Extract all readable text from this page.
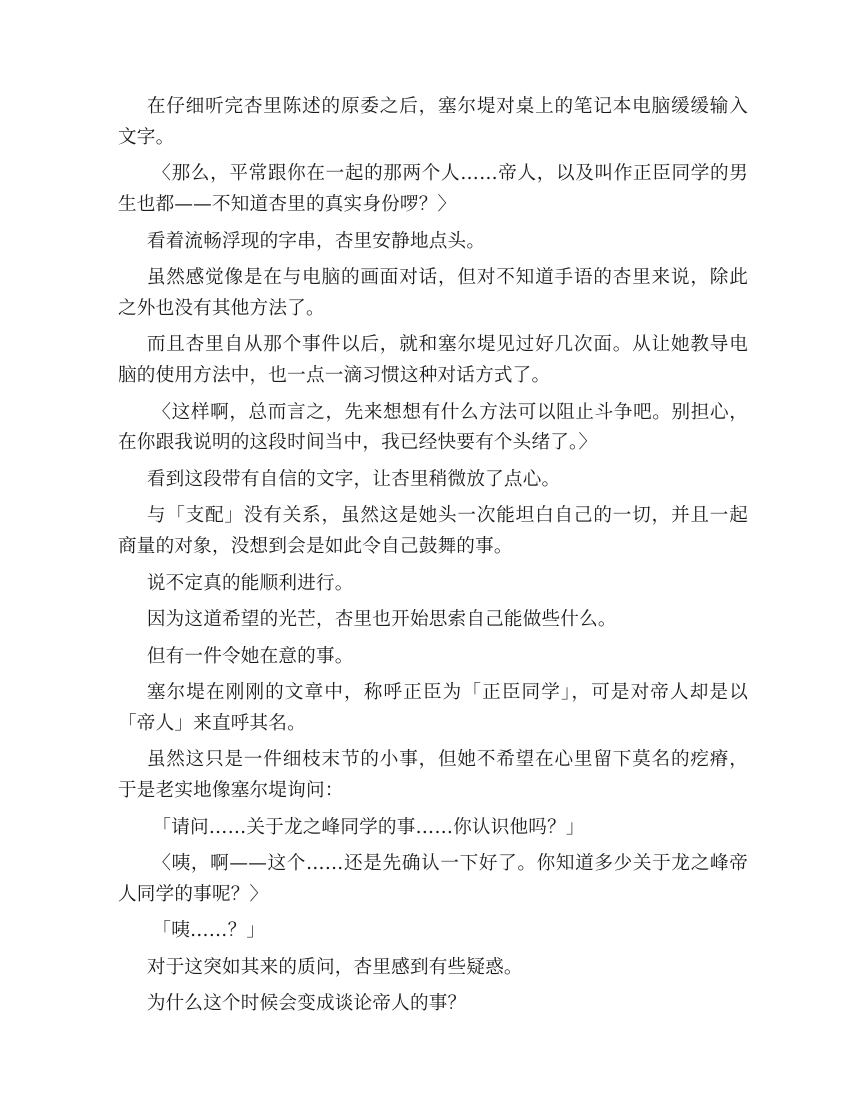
在仔细听完杏里陈述的原委之后，塞尔堤对桌上的笔记本电脑缓缓输入文字。

〈那么，平常跟你在一起的那两个人……帝人，以及叫作正臣同学的男生也都——不知道杏里的真实身份啰？〉

看着流畅浮现的字串，杏里安静地点头。

虽然感觉像是在与电脑的画面对话，但对不知道手语的杏里来说，除此之外也没有其他方法了。

而且杏里自从那个事件以后，就和塞尔堤见过好几次面。从让她教导电脑的使用方法中，也一点一滴习惯这种对话方式了。

〈这样啊，总而言之，先来想想有什么方法可以阻止斗争吧。别担心，在你跟我说明的这段时间当中，我已经快要有个头绪了。〉

看到这段带有自信的文字，让杏里稍微放了点心。

与「支配」没有关系，虽然这是她头一次能坦白自己的一切，并且一起商量的对象，没想到会是如此令自己鼓舞的事。

说不定真的能顺利进行。

因为这道希望的光芒，杏里也开始思索自己能做些什么。

但有一件令她在意的事。

塞尔堤在刚刚的文章中，称呼正臣为「正臣同学」，可是对帝人却是以「帝人」来直呼其名。

虽然这只是一件细枝末节的小事，但她不希望在心里留下莫名的疙瘠，于是老实地像塞尔堤询问：

「请问……关于龙之峰同学的事……你认识他吗？」

〈咦，啊——这个……还是先确认一下好了。你知道多少关于龙之峰帝人同学的事呢？〉

「咦……？」

对于这突如其来的质问，杏里感到有些疑惑。

为什么这个时候会变成谈论帝人的事？
